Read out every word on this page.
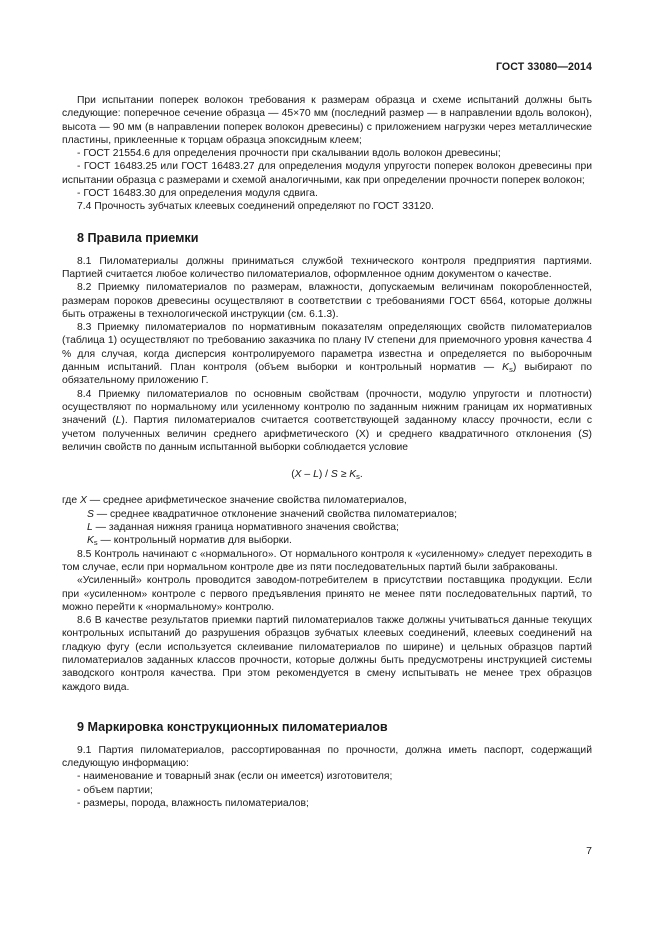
ГОСТ 33080—2014

При испытании поперек волокон требования к размерам образца и схеме испытаний должны быть следующие: поперечное сечение образца — 45×70 мм (последний размер — в направлении вдоль волокон), высота — 90 мм (в направлении поперек волокон древесины) с приложением нагрузки через металлические пластины, приклеенные к торцам образца эпоксидным клеем;

- ГОСТ 21554.6 для определения прочности при скалывании вдоль волокон древесины;

- ГОСТ 16483.25 или ГОСТ 16483.27 для определения модуля упругости поперек волокон древесины при испытании образца с размерами и схемой аналогичными, как при определении прочности поперек волокон;

- ГОСТ 16483.30 для определения модуля сдвига.

7.4 Прочность зубчатых клеевых соединений определяют по ГОСТ 33120.

8 Правила приемки

8.1 Пиломатериалы должны приниматься службой технического контроля предприятия партиями. Партией считается любое количество пиломатериалов, оформленное одним документом о качестве.

8.2 Приемку пиломатериалов по размерам, влажности, допускаемым величинам покоробленностей, размерам пороков древесины осуществляют в соответствии с требованиями ГОСТ 6564, которые должны быть отражены в технологической инструкции (см. 6.1.3).

8.3 Приемку пиломатериалов по нормативным показателям определяющих свойств пиломатериалов (таблица 1) осуществляют по требованию заказчика по плану IV степени для приемочного уровня качества 4 % для случая, когда дисперсия контролируемого параметра известна и определяется по выборочным данным испытаний. План контроля (объем выборки и контрольный норматив — $K_s$) выбирают по обязательному приложению Г.

8.4 Приемку пиломатериалов по основным свойствам (прочности, модулю упругости и плотности) осуществляют по нормальному или усиленному контролю по заданным нижним границам их нормативных значений (L). Партия пиломатериалов считается соответствующей заданному классу прочности, если с учетом полученных величин среднего арифметического (X) и среднего квадратичного отклонения (S) величин свойств по данным испытанной выборки соблюдается условие

$(X - L) / S \ge K_s$.

где X — среднее арифметическое значение свойства пиломатериалов,

S — среднее квадратичное отклонение значений свойства пиломатериалов;

L — заданная нижняя граница нормативного значения свойства;

$K_s$ — контрольный норматив для выборки.

8.5 Контроль начинают с «нормального». От нормального контроля к «усиленному» следует переходить в том случае, если при нормальном контроле две из пяти последовательных партий были забракованы.

«Усиленный» контроль проводится заводом-потребителем в присутствии поставщика продукции. Если при «усиленном» контроле с первого предъявления принято не менее пяти последовательных партий, то можно перейти к «нормальному» контролю.

8.6 В качестве результатов приемки партий пиломатериалов также должны учитываться данные текущих контрольных испытаний до разрушения образцов зубчатых клеевых соединений, клеевых соединений на гладкую фугу (если используется склеивание пиломатериалов по ширине) и цельных образцов партий пиломатериалов заданных классов прочности, которые должны быть предусмотрены инструкцией системы заводского контроля качества. При этом рекомендуется в смену испытывать не менее трех образцов каждого вида.

9 Маркировка конструкционных пиломатериалов

9.1 Партия пиломатериалов, рассортированная по прочности, должна иметь паспорт, содержащий следующую информацию:

- наименование и товарный знак (если он имеется) изготовителя;

- объем партии;

- размеры, порода, влажность пиломатериалов;

7
